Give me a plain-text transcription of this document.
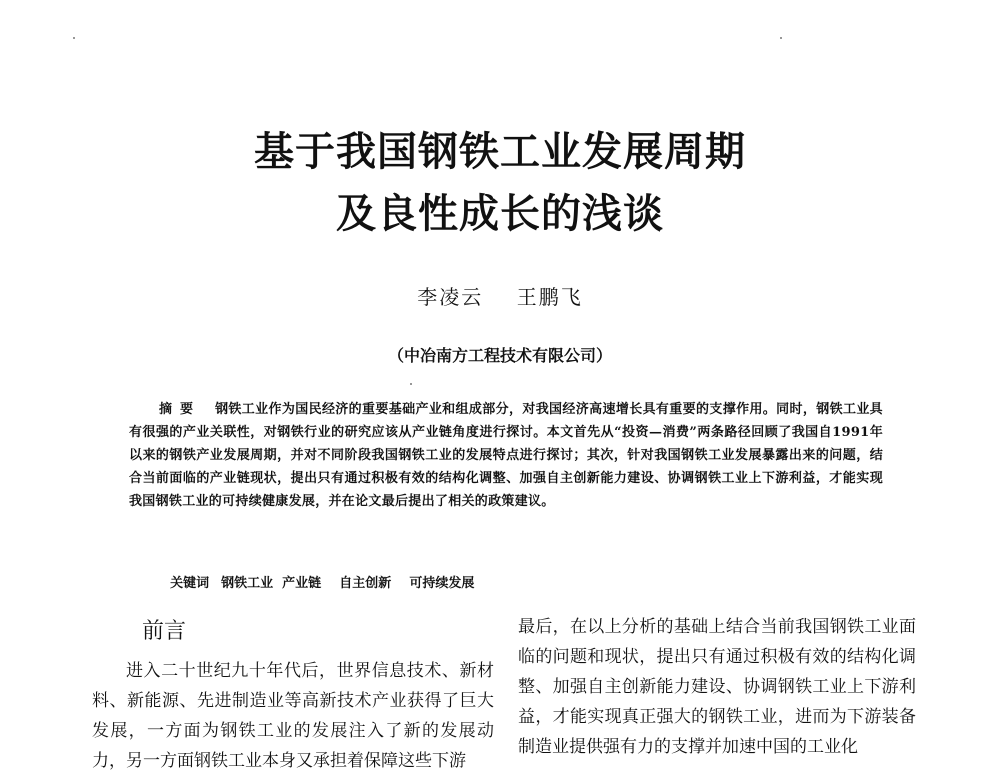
基于我国钢铁工业发展周期
及良性成长的浅谈
李凌云    王鹏飞
（中冶南方工程技术有限公司）
摘要 钢铁工业作为国民经济的重要基础产业和组成部分，对我国经济高速增长具有重要的支撑作用。同时，钢铁工业具有很强的产业关联性，对钢铁行业的研究应该从产业链角度进行探讨。本文首先从“投资—消费”两条路径回顾了我国自1991年以来的钢铁产业发展周期，并对不同阶段我国钢铁工业的发展特点进行探讨；其次，针对我国钢铁工业发展暴露出来的问题，结合当前面临的产业链现状，提出只有通过积极有效的结构化调整、加强自主创新能力建设、协调钢铁工业上下游利益，才能实现我国钢铁工业的可持续健康发展，并在论文最后提出了相关的政策建议。

关键词 钢铁工业  产业链    自主创新    可持续发展

前言
进入二十世纪九十年代后，世界信息技术、新材料、新能源、先进制造业等高新技术产业获得了巨大发展，一方面为钢铁工业的发展注入了新的发展动力，另一方面钢铁工业本身又承担着保障这些下游
最后，在以上分析的基础上结合当前我国钢铁工业面临的问题和现状，提出只有通过积极有效的结构化调整、加强自主创新能力建设、协调钢铁工业上下游利益，才能实现真正强大的钢铁工业，进而为下游装备制造业提供强有力的支撑并加速中国的工业化
